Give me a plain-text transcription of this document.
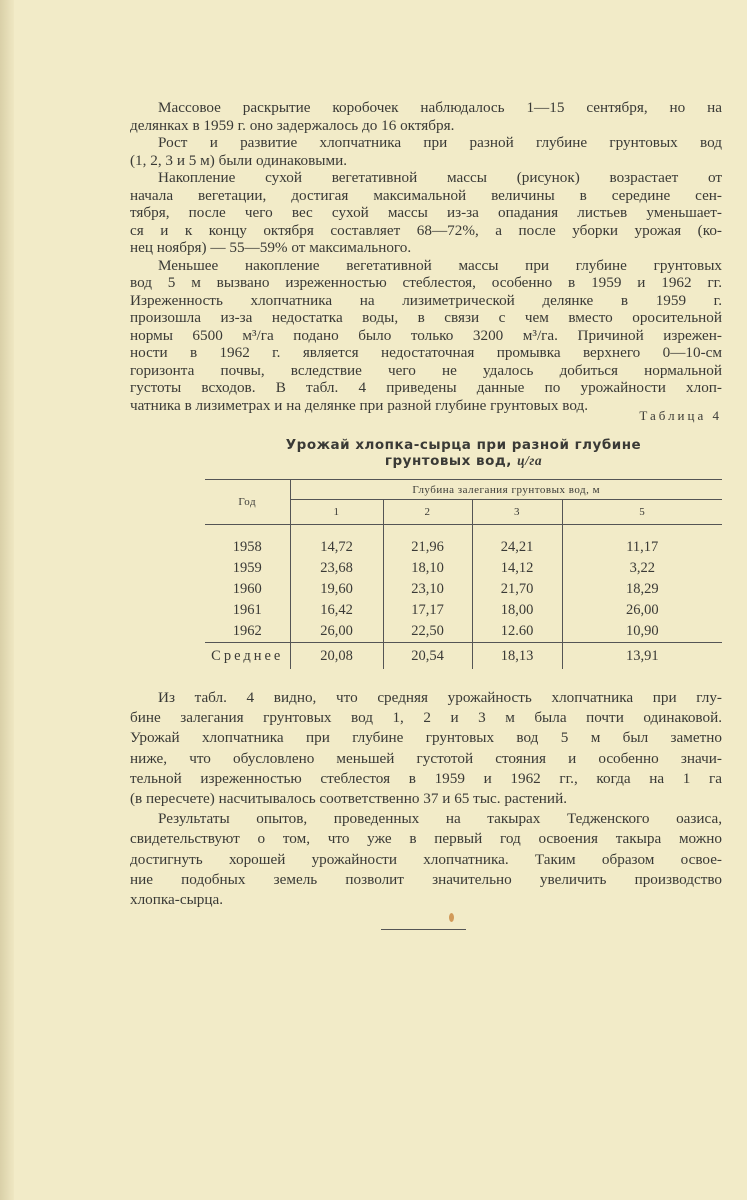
Массовое раскрытие коробочек наблюдалось 1—15 сентября, но на
делянках в 1959 г. оно задержалось до 16 октября.
Рост и развитие хлопчатника при разной глубине грунтовых вод
(1, 2, 3 и 5 м) были одинаковыми.
Накопление сухой вегетативной массы (рисунок) возрастает от
начала вегетации, достигая максимальной величины в середине сен-
тября, после чего вес сухой массы из-за опадания листьев уменьшает-
ся и к концу октября составляет 68—72%, а после уборки урожая (ко-
нец ноября) — 55—59% от максимального.
Меньшее накопление вегетативной массы при глубине грунтовых
вод 5 м вызвано изреженностью стеблестоя, особенно в 1959 и 1962 гг.
Изреженность хлопчатника на лизиметрической делянке в 1959 г.
произошла из-за недостатка воды, в связи с чем вместо оросительной
нормы 6500 м³/га подано было только 3200 м³/га. Причиной изрежен-
ности в 1962 г. является недостаточная промывка верхнего 0—10-см
горизонта почвы, вследствие чего не удалось добиться нормальной
густоты всходов. В табл. 4 приведены данные по урожайности хлоп-
чатника в лизиметрах и на делянке при разной глубине грунтовых вод.
Таблица 4
Урожай хлопка-сырца при разной глубине
грунтовых вод, ц/га
Год	Глубина залегания грунтовых вод, м			
	1	2	3	5
1958	14,72	21,96	24,21	11,17
1959	23,68	18,10	14,12	3,22
1960	19,60	23,10	21,70	18,29
1961	16,42	17,17	18,00	26,00
1962	26,00	22,50	12.60	10,90
Среднее	20,08	20,54	18,13	13,91
Из табл. 4 видно, что средняя урожайность хлопчатника при глу-
бине залегания грунтовых вод 1, 2 и 3 м была почти одинаковой.
Урожай хлопчатника при глубине грунтовых вод 5 м был заметно
ниже, что обусловлено меньшей густотой стояния и особенно значи-
тельной изреженностью стеблестоя в 1959 и 1962 гг., когда на 1 га
(в пересчете) насчитывалось соответственно 37 и 65 тыс. растений.
Результаты опытов, проведенных на такырах Тедженского оазиса,
свидетельствуют о том, что уже в первый год освоения такыра можно
достигнуть хорошей урожайности хлопчатника. Таким образом освое-
ние подобных земель позволит значительно увеличить производство
хлопка-сырца.
